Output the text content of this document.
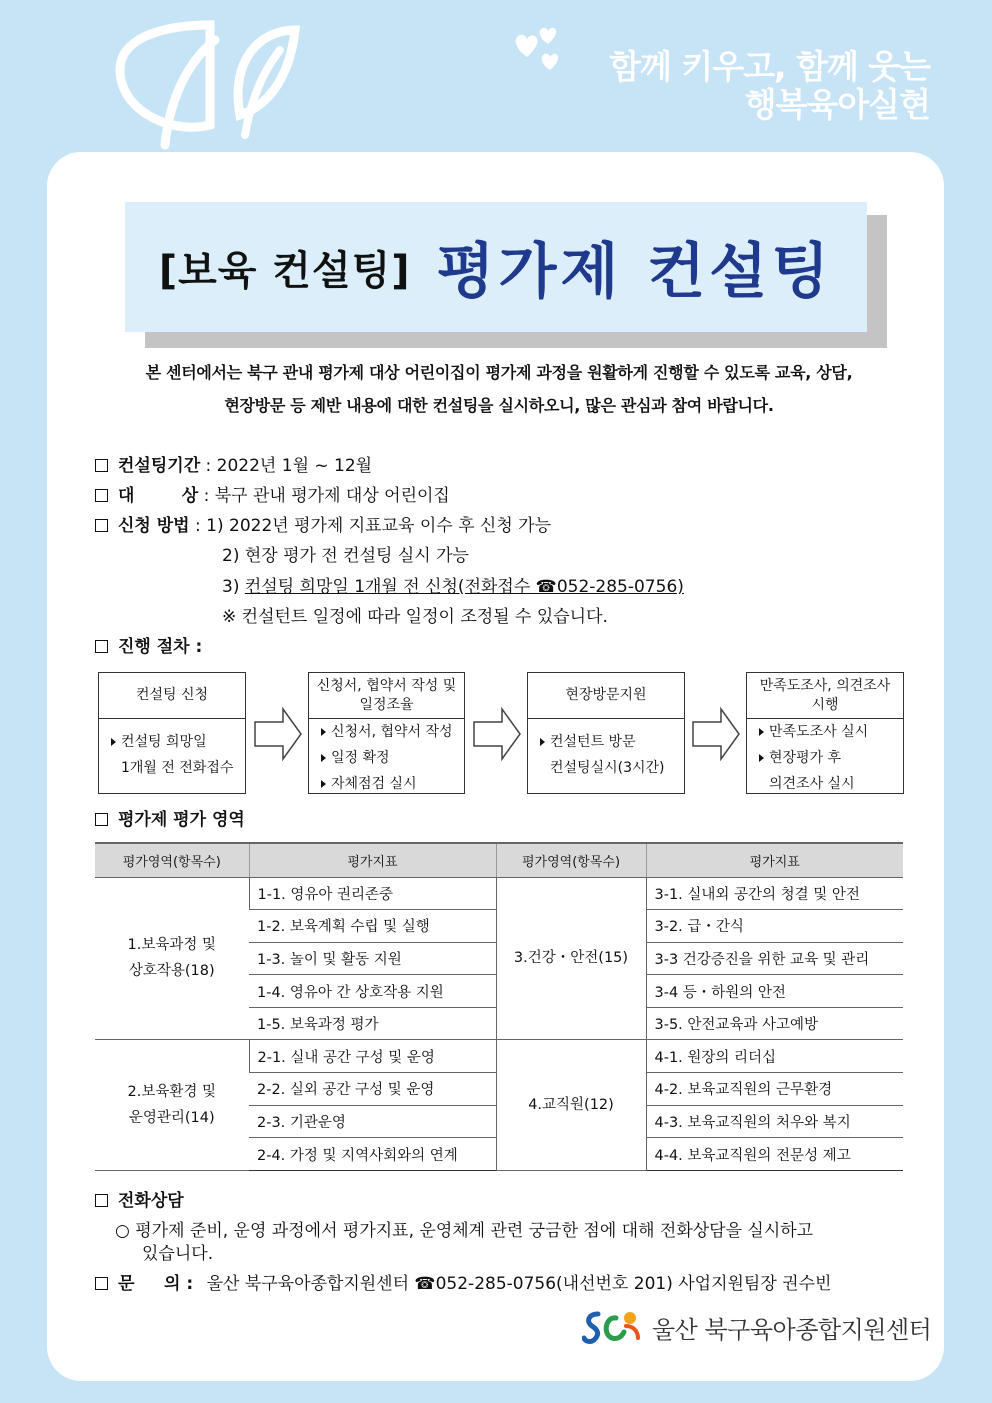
함께 키우고, 함께 웃는
행복육아실현
[보육 컨설팅] 평가제 컨설팅
본 센터에서는 북구 관내 평가제 대상 어린이집이 평가제 과정을 원활하게 진행할 수 있도록 교육, 상담,
현장방문 등 제반 내용에 대한 컨설팅을 실시하오니, 많은 관심과 참여 바랍니다.
컨설팅기간 : 2022년 1월 ~ 12월
대        상 : 북구 관내 평가제 대상 어린이집
신청 방법 : 1) 2022년 평가제 지표교육 이수 후 신청 가능
2) 현장 평가 전 컨설팅 실시 가능
3) 컨설팅 희망일 1개월 전 신청(전화접수 ☎052-285-0756)
※ 컨설턴트 일정에 따라 일정이 조정될 수 있습니다.
진행 절차 :
컨설팅 신청
컨설팅 희망일
1개월 전 전화접수
신청서, 협약서 작성 및 일정조율
신청서, 협약서 작성
일정 확정
자체점검 실시
현장방문지원
컨설턴트 방문
컨설팅실시(3시간)
만족도조사, 의견조사 시행
만족도조사 실시
현장평가 후
의견조사 실시
평가제 평가 영역
평가영역(항목수)	평가지표	평가영역(항목수)	평가지표
1.보육과정 및 상호작용(18)	1-1. 영유아 권리존중	3.건강・안전(15)	3-1. 실내외 공간의 청결 및 안전
	1-2. 보육계획 수립 및 실행		3-2. 급・간식
	1-3. 놀이 및 활동 지원		3-3 건강증진을 위한 교육 및 관리
	1-4. 영유아 간 상호작용 지원		3-4 등・하원의 안전
	1-5. 보육과정 평가		3-5. 안전교육과 사고예방
2.보육환경 및 운영관리(14)	2-1. 실내 공간 구성 및 운영	4.교직원(12)	4-1. 원장의 리더십
	2-2. 실외 공간 구성 및 운영		4-2. 보육교직원의 근무환경
	2-3. 기관운영		4-3. 보육교직원의 처우와 복지
	2-4. 가정 및 지역사회와의 연계		4-4. 보육교직원의 전문성 제고
전화상담
○ 평가제 준비, 운영 과정에서 평가지표, 운영체계 관련 궁금한 점에 대해 전화상담을 실시하고
있습니다.
문     의 : 울산 북구육아종합지원센터 ☎052-285-0756(내선번호 201) 사업지원팀장 권수빈
울산 북구육아종합지원센터
